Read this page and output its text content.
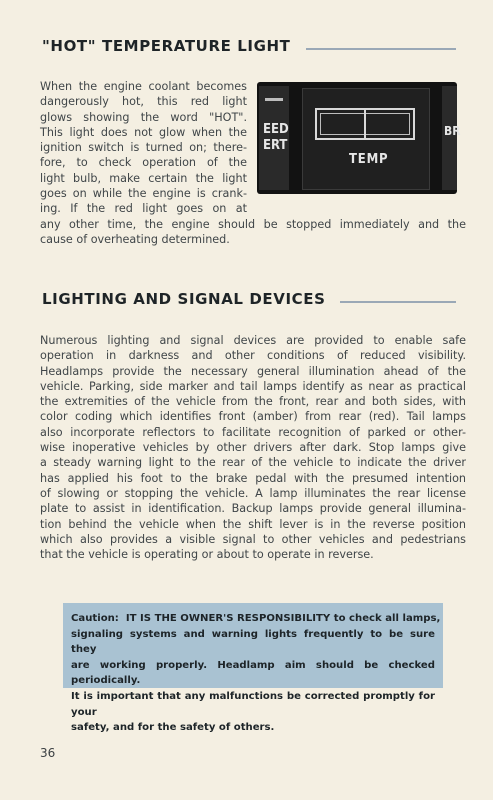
"HOT" TEMPERATURE LIGHT
When the engine coolant becomes
dangerously hot, this red light
glows showing the word "HOT".
This light does not glow when the
ignition switch is turned on; there-
fore, to check operation of the
light bulb, make certain the light
goes on while the engine is crank-
ing. If the red light goes on at
any other time, the engine should be stopped immediately and the
cause of overheating determined.
EED
ERT
BR
TEMP
LIGHTING AND SIGNAL DEVICES
Numerous lighting and signal devices are provided to enable safe
operation in darkness and other conditions of reduced visibility.
Headlamps provide the necessary general illumination ahead of the
vehicle. Parking, side marker and tail lamps identify as near as practical
the extremities of the vehicle from the front, rear and both sides, with
color coding which identifies front (amber) from rear (red). Tail lamps
also incorporate reflectors to facilitate recognition of parked or other-
wise inoperative vehicles by other drivers after dark. Stop lamps give
a steady warning light to the rear of the vehicle to indicate the driver
has applied his foot to the brake pedal with the presumed intention
of slowing or stopping the vehicle. A lamp illuminates the rear license
plate to assist in identification. Backup lamps provide general illumina-
tion behind the vehicle when the shift lever is in the reverse position
which also provides a visible signal to other vehicles and pedestrians
that the vehicle is operating or about to operate in reverse.
Caution:  IT IS THE OWNER'S RESPONSIBILITY to check all lamps,
signaling systems and warning lights frequently to be sure they
are working properly. Headlamp aim should be checked periodically.
It is important that any malfunctions be corrected promptly for your
safety, and for the safety of others.
36
